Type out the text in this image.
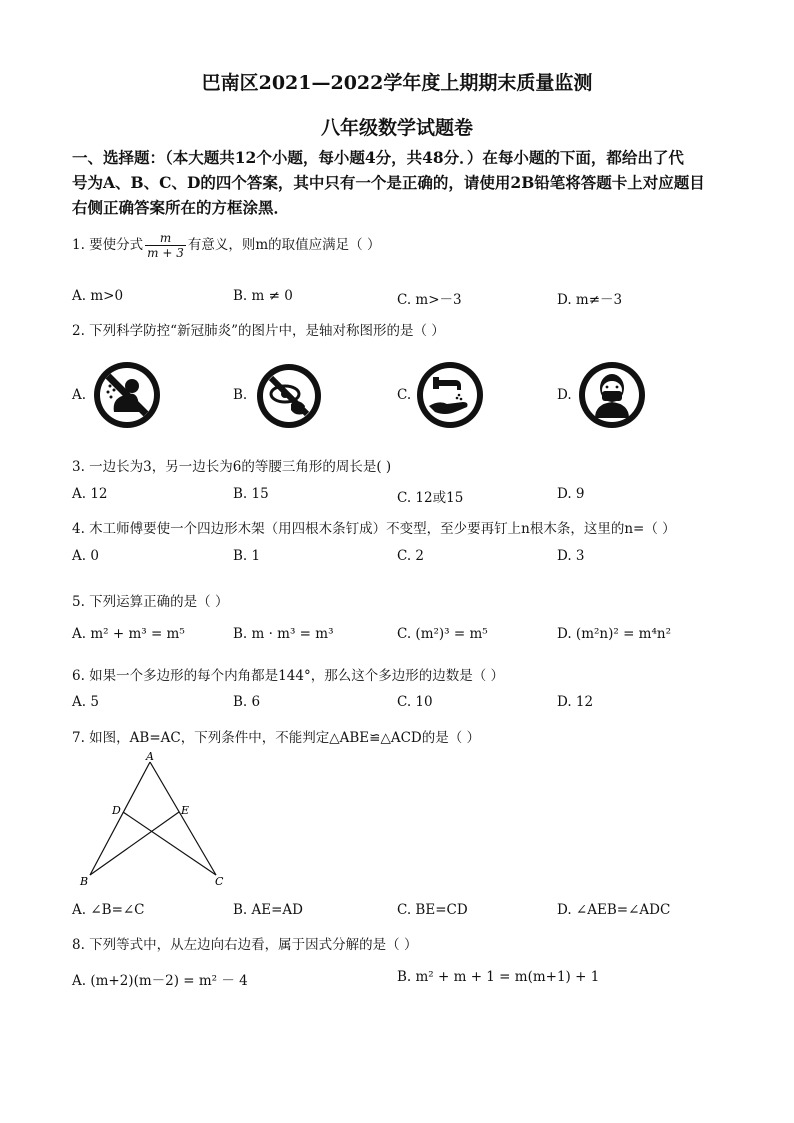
巴南区2021—2022学年度上期期末质量监测
八年级数学试题卷
一、选择题：（本大题共12个小题，每小题4分，共48分．）在每小题的下面，都给出了代
号为A、B、C、D的四个答案，其中只有一个是正确的，请使用2B铅笔将答题卡上对应题目
右侧正确答案所在的方框涂黑．
1. 要使分式 $\frac{m}{m + 3}$ 有意义，则m的取值应满足（ ）
A. m>0	B. m ≠ 0	C. m>－3	D. m≠－3
2. 下列科学防控“新冠肺炎”的图片中，是轴对称图形的是（ ）
A.	B.	C.	D.
3. 一边长为3，另一边长为6的等腰三角形的周长是( )
A. 12	B. 15	C. 12或15	D. 9
4. 木工师傅要使一个四边形木架（用四根木条钉成）不变型，至少要再钉上n根木条，这里的n=（ ）
A. 0	B. 1	C. 2	D. 3
5. 下列运算正确的是（ ）
A. m² + m³ = m⁵	B. m · m³ = m³	C. (m²)³ = m⁵	D. (m²n)² = m⁴n²
6. 如果一个多边形的每个内角都是144°，那么这个多边形的边数是（ ）
A. 5	B. 6	C. 10	D. 12
7. 如图，AB=AC，下列条件中，不能判定△ABE≌△ACD的是（ ）
A
D	E
B	C
A. ∠B=∠C	B. AE=AD	C. BE=CD	D. ∠AEB=∠ADC
8. 下列等式中，从左边向右边看，属于因式分解的是（ ）
A. (m+2)(m－2) = m² － 4	B. m² + m + 1 = m(m+1) + 1
